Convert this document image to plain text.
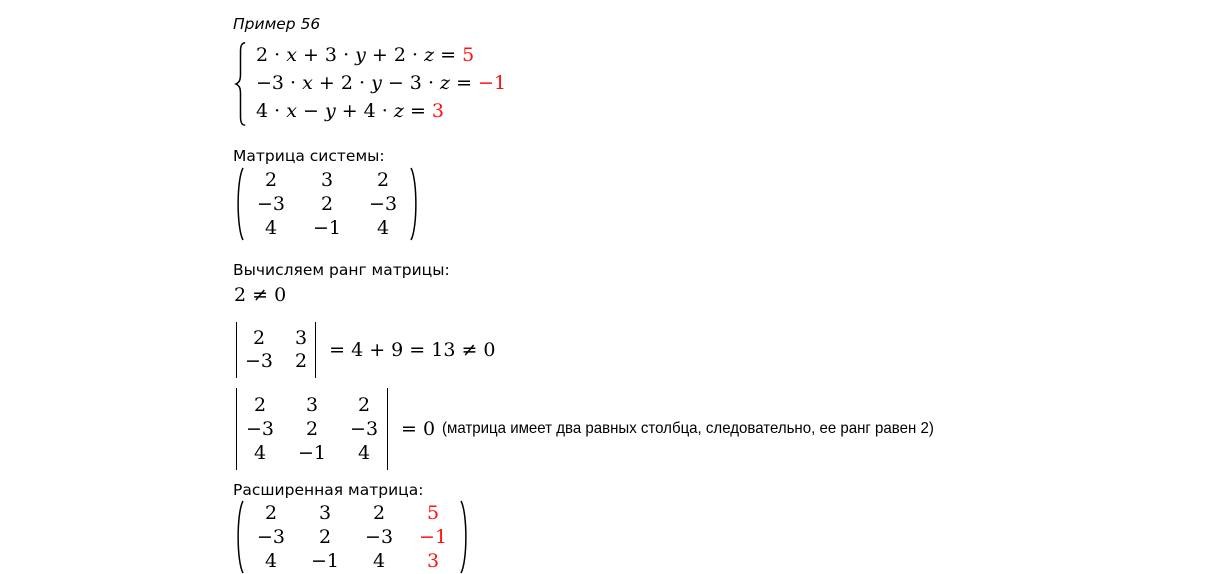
Пример 56
2 · x + 3 · y + 2 · z = 5
−3 · x + 2 · y − 3 · z = −1
4 · x − y + 4 · z = 3
Матрица системы:
2 3 2
−3 2 −3
4 −1 4
Вычисляем ранг матрицы:
2 ≠ 0
2 3
−3 2 = 4 + 9 = 13 ≠ 0
2 3 2
−3 2 −3
4 −1 4
= 0 (матрица имеет два равных столбца, следовательно, ее ранг равен 2)
Расширенная матрица:
2 3 2 5
−3 2 −3 −1
4 −1 4 3
